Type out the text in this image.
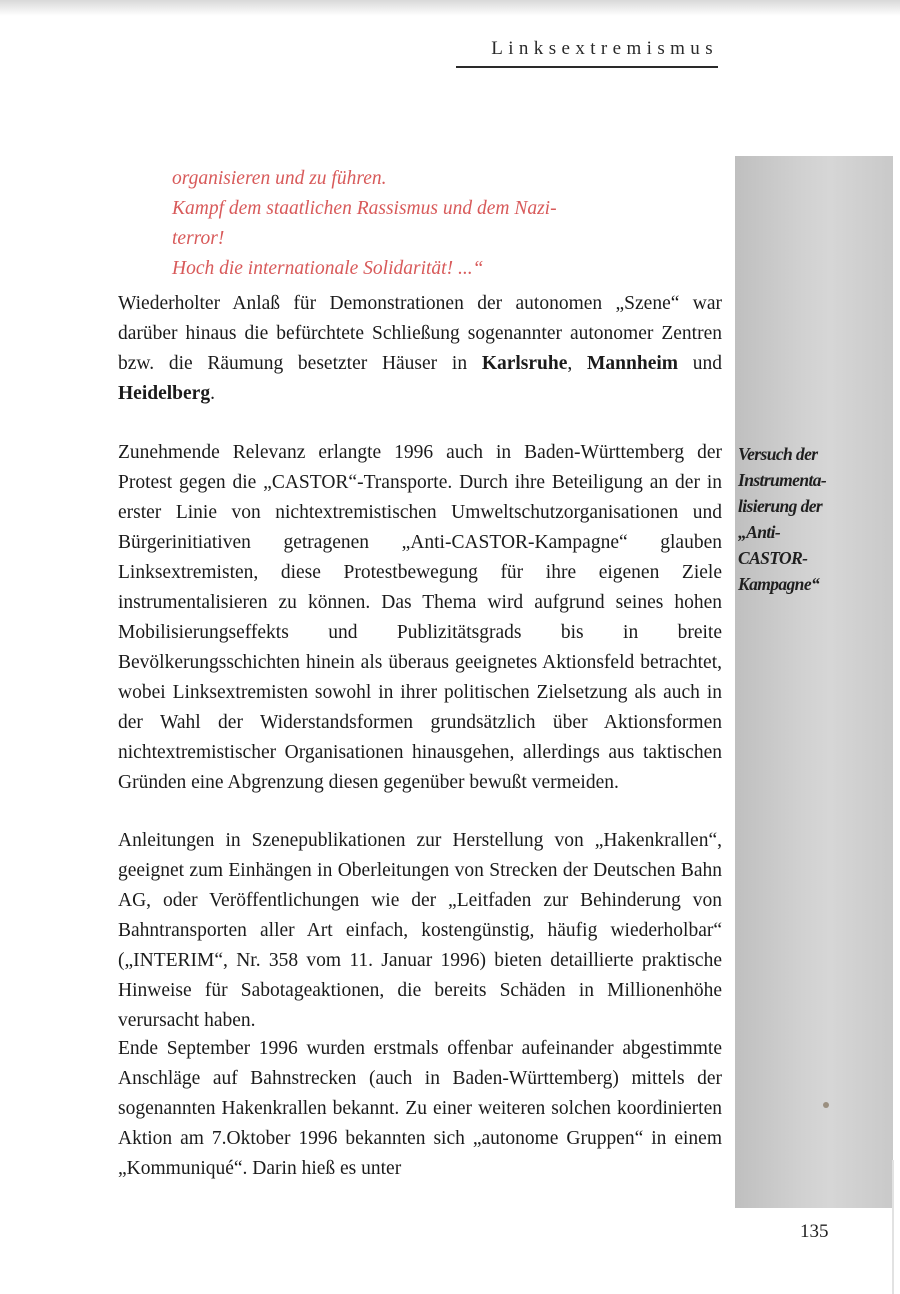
Linksextremismus

organisieren und zu führen.

Kampf dem staatlichen Rassismus und dem Nazi-

terror!

Hoch die internationale Solidarität! ...“

Wiederholter Anlaß für Demonstrationen der autonomen „Szene“ war darüber hinaus die befürchtete Schließung sogenannter autonomer Zentren bzw. die Räumung besetzter Häuser in Karlsruhe, Mannheim und Heidelberg.

Zunehmende Relevanz erlangte 1996 auch in Baden-Württemberg der Protest gegen die „CASTOR“-Transporte. Durch ihre Beteiligung an der in erster Linie von nichtextremistischen Umweltschutzorganisationen und Bürgerinitiativen getragenen „Anti-CASTOR-Kampagne“ glauben Linksextremisten, diese Protestbewegung für ihre eigenen Ziele instrumentalisieren zu können. Das Thema wird aufgrund seines hohen Mobilisierungseffekts und Publizitätsgrads bis in breite Bevölkerungsschichten hinein als überaus geeignetes Aktionsfeld betrachtet, wobei Linksextremisten sowohl in ihrer politischen Zielsetzung als auch in der Wahl der Widerstandsformen grundsätzlich über Aktionsformen nichtextremistischer Organisationen hinausgehen, allerdings aus taktischen Gründen eine Abgrenzung diesen gegenüber bewußt vermeiden.

Anleitungen in Szenepublikationen zur Herstellung von „Hakenkrallen“, geeignet zum Einhängen in Oberleitungen von Strecken der Deutschen Bahn AG, oder Veröffentlichungen wie der „Leitfaden zur Behinderung von Bahntransporten aller Art einfach, kostengünstig, häufig wiederholbar“ („INTERIM“, Nr. 358 vom 11. Januar 1996) bieten detaillierte praktische Hinweise für Sabotageaktionen, die bereits Schäden in Millionenhöhe verursacht haben.

Ende September 1996 wurden erstmals offenbar aufeinander abgestimmte Anschläge auf Bahnstrecken (auch in Baden-Württemberg) mittels der sogenannten Hakenkrallen bekannt. Zu einer weiteren solchen koordinierten Aktion am 7.Oktober 1996 bekannten sich „autonome Gruppen“ in einem „Kommuniqué“. Darin hieß es unter

Versuch der
Instrumenta-
lisierung der
„Anti-
CASTOR-
Kampagne“
135
